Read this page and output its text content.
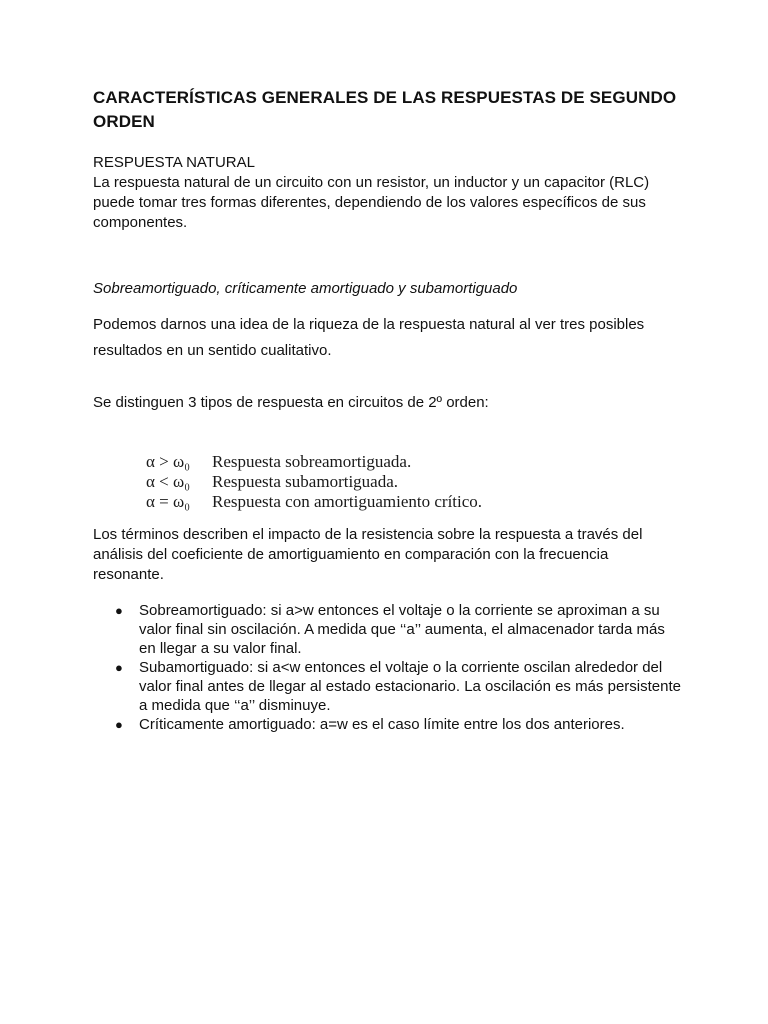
CARACTERÍSTICAS GENERALES DE LAS RESPUESTAS DE SEGUNDO ORDEN

RESPUESTA NATURAL

La respuesta natural de un circuito con un resistor, un inductor y un capacitor (RLC) puede tomar tres formas diferentes, dependiendo de los valores específicos de sus componentes.

Sobreamortiguado, críticamente amortiguado y subamortiguado

Podemos darnos una idea de la riqueza de la respuesta natural al ver tres posibles resultados en un sentido cualitativo.

Se distinguen 3 tipos de respuesta en circuitos de 2º orden:

α > ω₀ Respuesta sobreamortiguada.
α < ω₀ Respuesta subamortiguada.
α = ω₀ Respuesta con amortiguamiento crítico.

Los términos describen el impacto de la resistencia sobre la respuesta a través del análisis del coeficiente de amortiguamiento en comparación con la frecuencia resonante.

● Sobreamortiguado: si a>w entonces el voltaje o la corriente se aproximan a su valor final sin oscilación. A medida que ‘‘a’’ aumenta, el almacenador tarda más en llegar a su valor final.
● Subamortiguado: si a<w entonces el voltaje o la corriente oscilan alrededor del valor final antes de llegar al estado estacionario. La oscilación es más persistente a medida que ‘‘a’’ disminuye.
● Críticamente amortiguado: a=w es el caso límite entre los dos anteriores.
